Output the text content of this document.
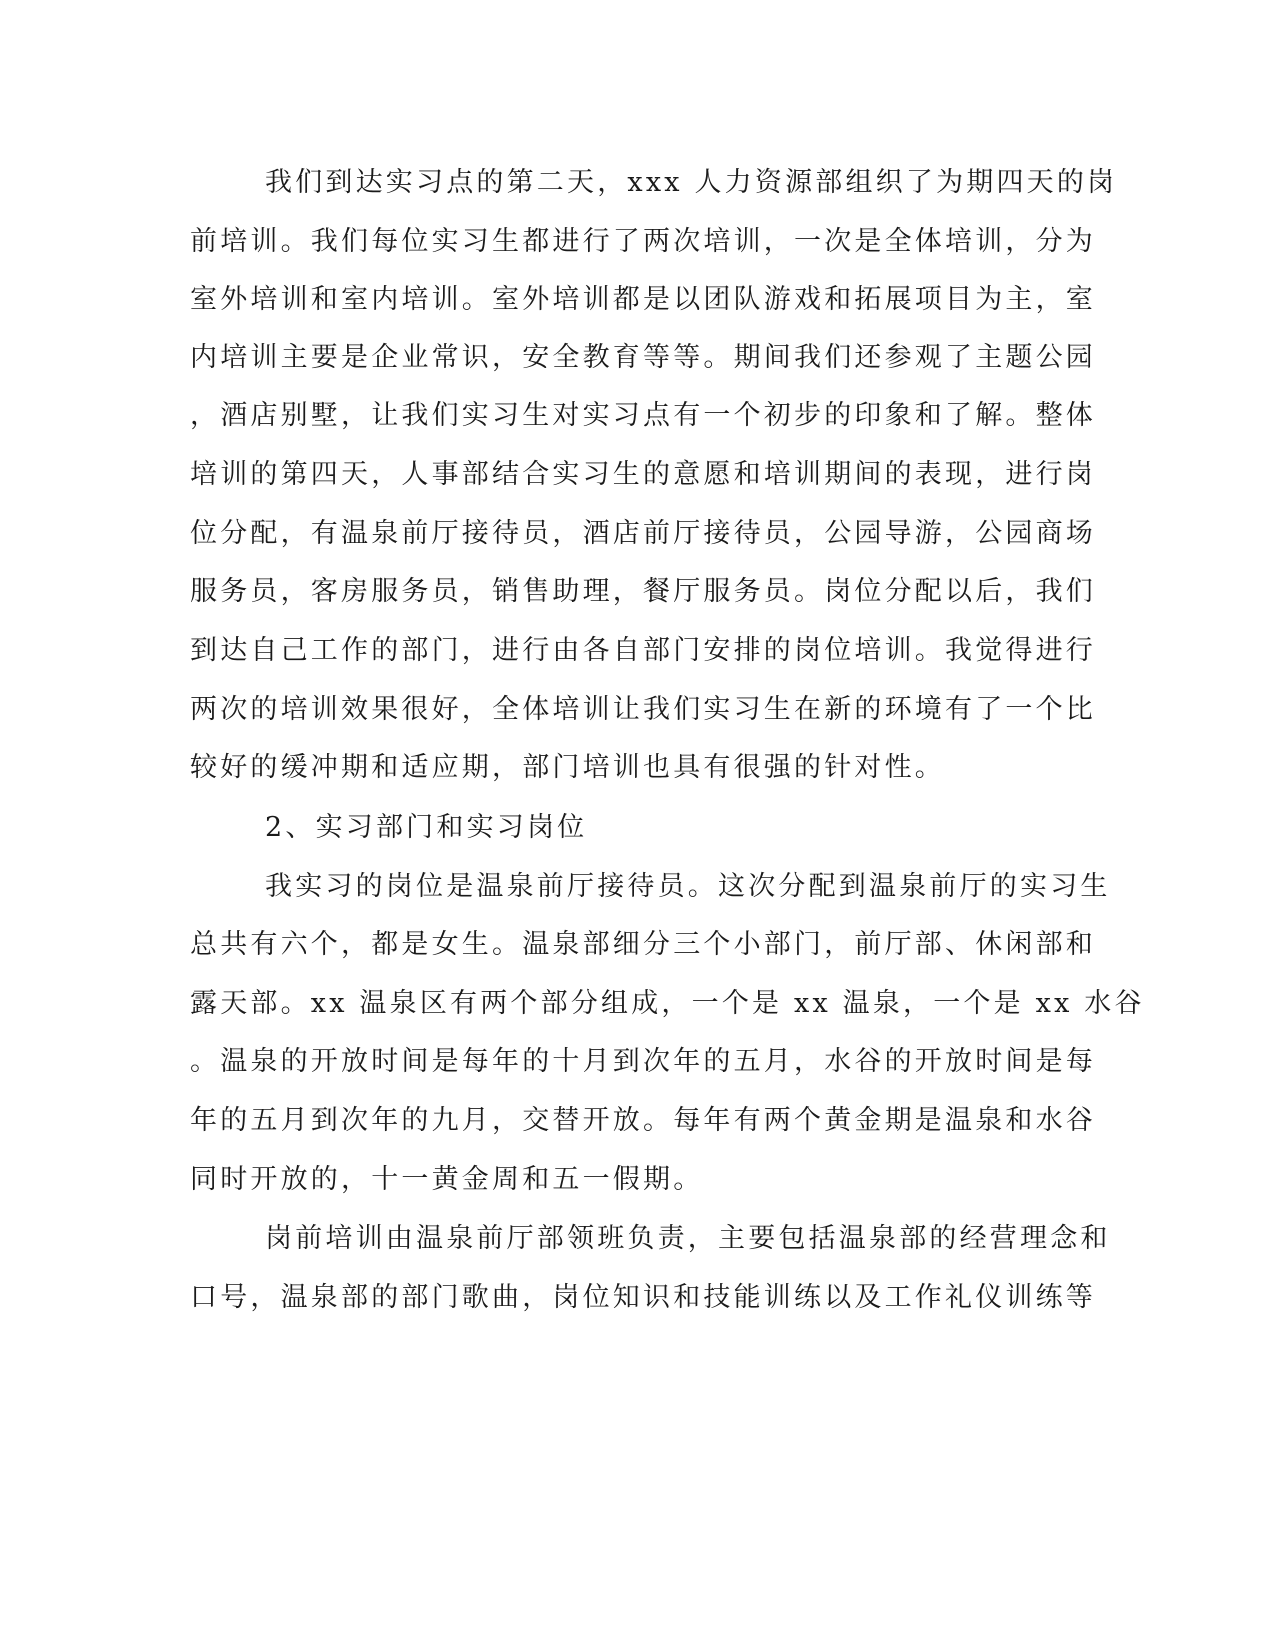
我们到达实习点的第二天，xxx 人力资源部组织了为期四天的岗
前培训。我们每位实习生都进行了两次培训，一次是全体培训，分为
室外培训和室内培训。室外培训都是以团队游戏和拓展项目为主，室
内培训主要是企业常识，安全教育等等。期间我们还参观了主题公园
，酒店别墅，让我们实习生对实习点有一个初步的印象和了解。整体
培训的第四天，人事部结合实习生的意愿和培训期间的表现，进行岗
位分配，有温泉前厅接待员，酒店前厅接待员，公园导游，公园商场
服务员，客房服务员，销售助理，餐厅服务员。岗位分配以后，我们
到达自己工作的部门，进行由各自部门安排的岗位培训。我觉得进行
两次的培训效果很好，全体培训让我们实习生在新的环境有了一个比
较好的缓冲期和适应期，部门培训也具有很强的针对性。
2、实习部门和实习岗位
我实习的岗位是温泉前厅接待员。这次分配到温泉前厅的实习生
总共有六个，都是女生。温泉部细分三个小部门，前厅部、休闲部和
露天部。xx 温泉区有两个部分组成，一个是 xx 温泉，一个是 xx 水谷
。温泉的开放时间是每年的十月到次年的五月，水谷的开放时间是每
年的五月到次年的九月，交替开放。每年有两个黄金期是温泉和水谷
同时开放的，十一黄金周和五一假期。
岗前培训由温泉前厅部领班负责，主要包括温泉部的经营理念和
口号，温泉部的部门歌曲，岗位知识和技能训练以及工作礼仪训练等
